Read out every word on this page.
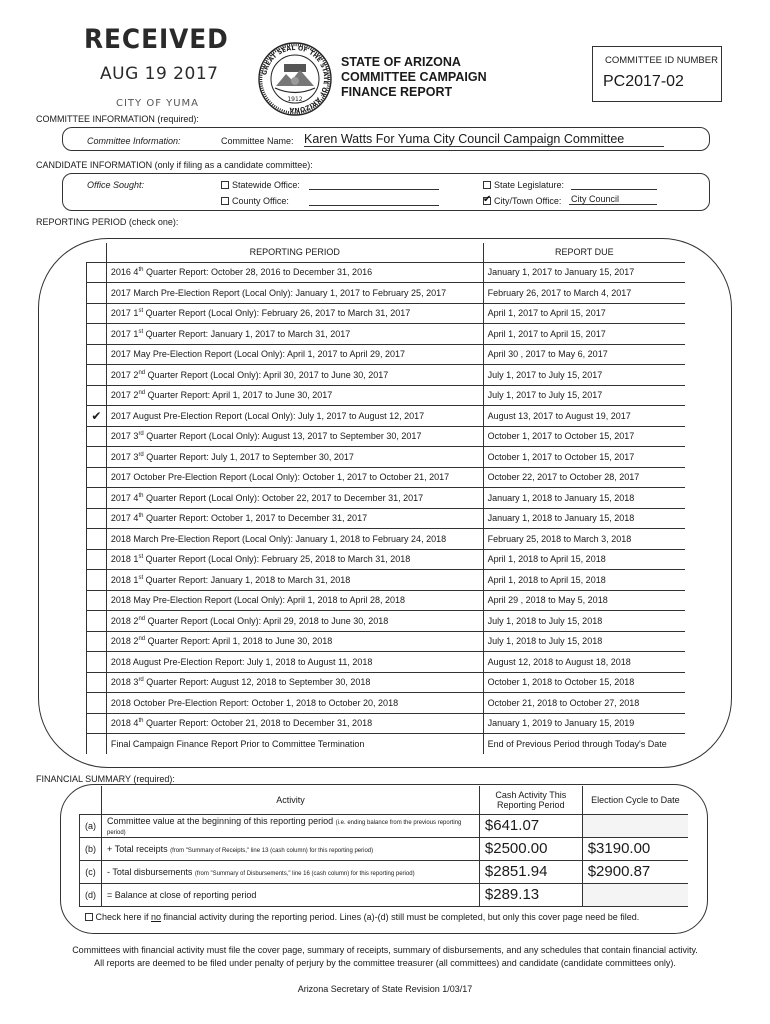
RECEIVED
AUG 19 2017
CITY OF YUMA
GREAT SEAL OF THE STATE OF ARIZONA
1912
STATE OF ARIZONA
COMMITTEE CAMPAIGN
FINANCE REPORT
COMMITTEE ID NUMBER
PC2017-02
COMMITTEE INFORMATION (required):
Committee Information:	Committee Name: Karen Watts For Yuma City Council Campaign Committee
CANDIDATE INFORMATION (only if filing as a candidate committee):
Office Sought:	Statewide Office:
County Office:
State Legislature:
✔City/Town Office: City Council
REPORTING PERIOD (check one):
	REPORTING PERIOD	REPORT DUE
	2016 4th Quarter Report: October 28, 2016 to December 31, 2016	January 1, 2017 to January 15, 2017
	2017 March Pre-Election Report (Local Only): January 1, 2017 to February 25, 2017	February 26, 2017 to March 4, 2017
	2017 1st Quarter Report (Local Only): February 26, 2017 to March 31, 2017	April 1, 2017 to April 15, 2017
	2017 1st Quarter Report: January 1, 2017 to March 31, 2017	April 1, 2017 to April 15, 2017
	2017 May Pre-Election Report (Local Only): April 1, 2017 to April 29, 2017	April 30 , 2017 to May 6, 2017
	2017 2nd Quarter Report (Local Only): April 30, 2017 to June 30, 2017	July 1, 2017 to July 15, 2017
	2017 2nd Quarter Report: April 1, 2017 to June 30, 2017	July 1, 2017 to July 15, 2017
✔	2017 August Pre-Election Report (Local Only): July 1, 2017 to August 12, 2017	August 13, 2017 to August 19, 2017
	2017 3rd Quarter Report (Local Only): August 13, 2017 to September 30, 2017	October 1, 2017 to October 15, 2017
	2017 3rd Quarter Report: July 1, 2017 to September 30, 2017	October 1, 2017 to October 15, 2017
	2017 October Pre-Election Report (Local Only): October 1, 2017 to October 21, 2017	October 22, 2017 to October 28, 2017
	2017 4th Quarter Report (Local Only): October 22, 2017 to December 31, 2017	January 1, 2018 to January 15, 2018
	2017 4th Quarter Report: October 1, 2017 to December 31, 2017	January 1, 2018 to January 15, 2018
	2018 March Pre-Election Report (Local Only): January 1, 2018 to February 24, 2018	February 25, 2018 to March 3, 2018
	2018 1st Quarter Report (Local Only): February 25, 2018 to March 31, 2018	April 1, 2018 to April 15, 2018
	2018 1st Quarter Report: January 1, 2018 to March 31, 2018	April 1, 2018 to April 15, 2018
	2018 May Pre-Election Report (Local Only): April 1, 2018 to April 28, 2018	April 29 , 2018 to May 5, 2018
	2018 2nd Quarter Report (Local Only): April 29, 2018 to June 30, 2018	July 1, 2018 to July 15, 2018
	2018 2nd Quarter Report: April 1, 2018 to June 30, 2018	July 1, 2018 to July 15, 2018
	2018 August Pre-Election Report: July 1, 2018 to August 11, 2018	August 12, 2018 to August 18, 2018
	2018 3rd Quarter Report: August 12, 2018 to September 30, 2018	October 1, 2018 to October 15, 2018
	2018 October Pre-Election Report: October 1, 2018 to October 20, 2018	October 21, 2018 to October 27, 2018
	2018 4th Quarter Report: October 21, 2018 to December 31, 2018	January 1, 2019 to January 15, 2019
	Final Campaign Finance Report Prior to Committee Termination	End of Previous Period through Today's Date
FINANCIAL SUMMARY (required):
	Activity	Cash Activity This Reporting Period	Election Cycle to Date
(a)	Committee value at the beginning of this reporting period (i.e. ending balance from the previous reporting period)	$641.07	
(b)	+ Total receipts (from "Summary of Receipts," line 13 (cash column) for this reporting period)	$2500.00	$3190.00
(c)	- Total disbursements (from "Summary of Disbursements," line 16 (cash column) for this reporting period)	$2851.94	$2900.87
(d)	= Balance at close of reporting period	$289.13	
Check here if no financial activity during the reporting period. Lines (a)-(d) still must be completed, but only this cover page need be filed.			
Committees with financial activity must file the cover page, summary of receipts, summary of disbursements, and any schedules that contain financial activity.
All reports are deemed to be filed under penalty of perjury by the committee treasurer (all committees) and candidate (candidate committees only).
Arizona Secretary of State Revision 1/03/17
